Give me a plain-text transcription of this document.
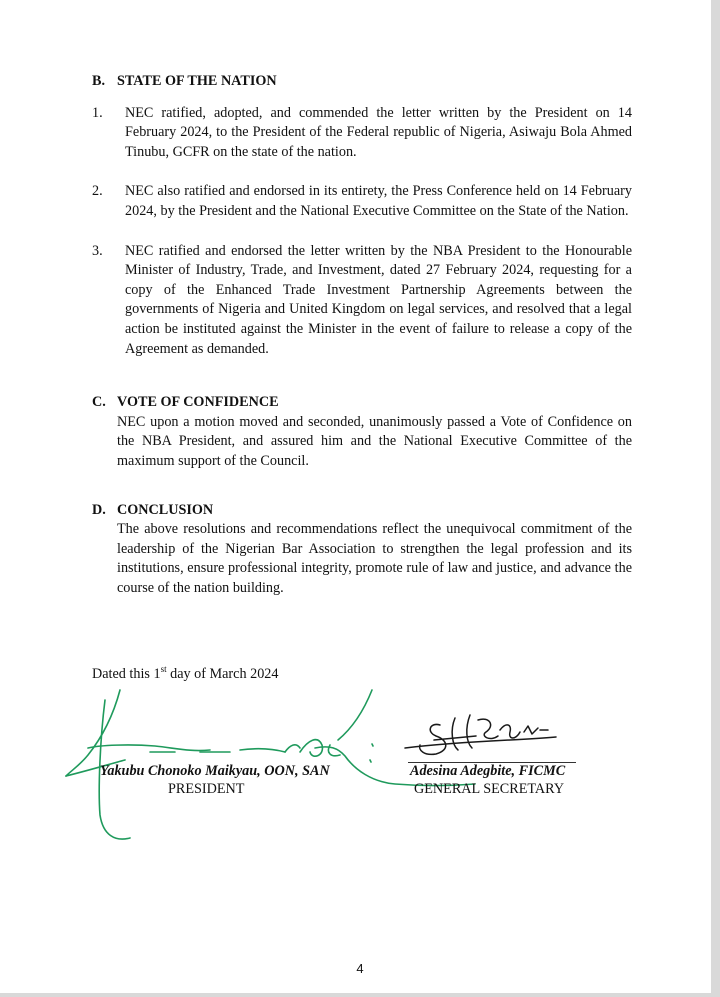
B. STATE OF THE NATION
1.	NEC ratified, adopted, and commended the letter written by the President on 14 February 2024, to the President of the Federal republic of Nigeria, Asiwaju Bola Ahmed Tinubu, GCFR on the state of the nation.
2.	NEC also ratified and endorsed in its entirety, the Press Conference held on 14 February 2024, by the President and the National Executive Committee on the State of the Nation.
3.	NEC ratified and endorsed the letter written by the NBA President to the Honourable Minister of Industry, Trade, and Investment, dated 27 February 2024, requesting for a copy of the Enhanced Trade Investment Partnership Agreements between the governments of Nigeria and United Kingdom on legal services, and resolved that a legal action be instituted against the Minister in the event of failure to release a copy of the Agreement as demanded.
C. VOTE OF CONFIDENCE
NEC upon a motion moved and seconded, unanimously passed a Vote of Confidence on the NBA President, and assured him and the National Executive Committee of the maximum support of the Council.
D. CONCLUSION
The above resolutions and recommendations reflect the unequivocal commitment of the leadership of the Nigerian Bar Association to strengthen the legal profession and its institutions, ensure professional integrity, promote rule of law and justice, and advance the course of the nation building.
Dated this 1st day of March 2024
Yakubu Chonoko Maikyau, OON, SAN
PRESIDENT
Adesina Adegbite, FICMC
GENERAL SECRETARY
4
